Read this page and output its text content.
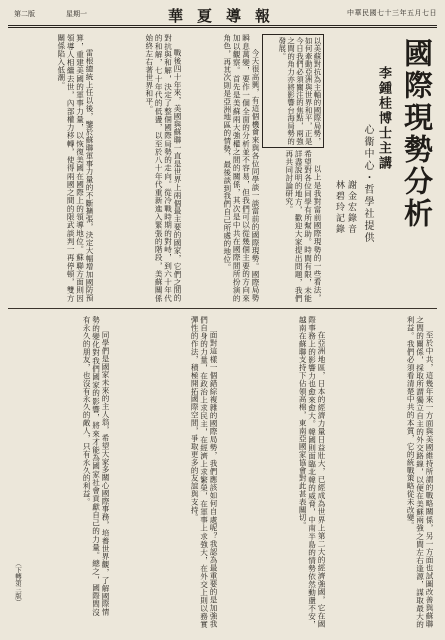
第二版	星期一	華夏導報	中華民國七十三年五月七日
國際現勢分析
李鍾桂博士主講
心衞中心・哲學社提供
謝金宏錄音
林碧玲記錄
以美蘇對抗為主軸的國際局勢，如何牽動亞洲與世界和平，正是今日我們必須關注的焦點，兩強之間的角力亦將影響台海局勢的發展。

今天很高興，有這個機會來與各位同學談一談當前的國際現勢。國際局勢瞬息萬變，要作一個全面的分析並不容易，但我們可以從幾個主要的方向來加以觀察。首先是美蘇兩大強權之間的關係，其次是中共在國際間所扮演的角色，再其次則是亞洲地區的情勢，最後談到我們自己所處的地位。

戰後四十年來，美國與蘇聯一直是世界上兩個最主要的國家，它們之間的對抗與和解，決定了整個國際局勢的走向。從冷戰時期的對峙，到六十年代的和解，七十年代的低盪，以至於八十年代重新進入緊張的階段，美蘇關係始終左右著世界和平。

雷根總統上任以後，鑒於蘇聯軍事力量的不斷擴張，決定大幅增加國防預算，重建美國的軍事力量，以恢復美國在國際上的領導地位。蘇聯方面則因領導人相繼去世，內部權力移轉，使得兩國之間的限武談判一再停頓，雙方關係陷入低潮。

以上是我對當前國際現勢的一些看法，希望對各位同學有所幫助。時間有限，未能詳盡說明的地方，歡迎大家提出問題，我們再共同討論研究。

至於中共，這幾年來一方面與美國維持所謂的戰略關係，另一方面也試圖改善與蘇聯之間的關係，採取所謂獨立自主的外交路線，以便在美蘇兩強之間左右逢源，謀取最大的利益。我們必須看清楚中共的本質，它的統戰策略從未改變。

在亞洲地區，日本的經濟力量日益壯大，已經成為世界上第二大的經濟強國，它在國際事務上的影響力也愈來愈大。韓國則面臨北韓的威脅，中南半島的情勢依然動盪不安，越南在蘇聯支持下佔領高棉，東南亞國家協會對此甚表關切。

面對這樣一個錯綜複雜的國際局勢，我們應該如何自處呢？我認為最重要的是加強我們自身的力量，在政治上求民主，在經濟上求繁榮，在軍事上求強大，在外交上則以務實彈性的作法，積極開拓國際空間，爭取更多的友誼與支持。

同學們是國家未來的主人翁，希望大家多關心國際事務，培養世界觀，了解國際情勢的變化對我們國家的影響，將來才能為國家社會貢獻自己的力量。總之，國際間沒有永久的朋友，也沒有永久的敵人，只有永久的利益。

（下轉第三版）
